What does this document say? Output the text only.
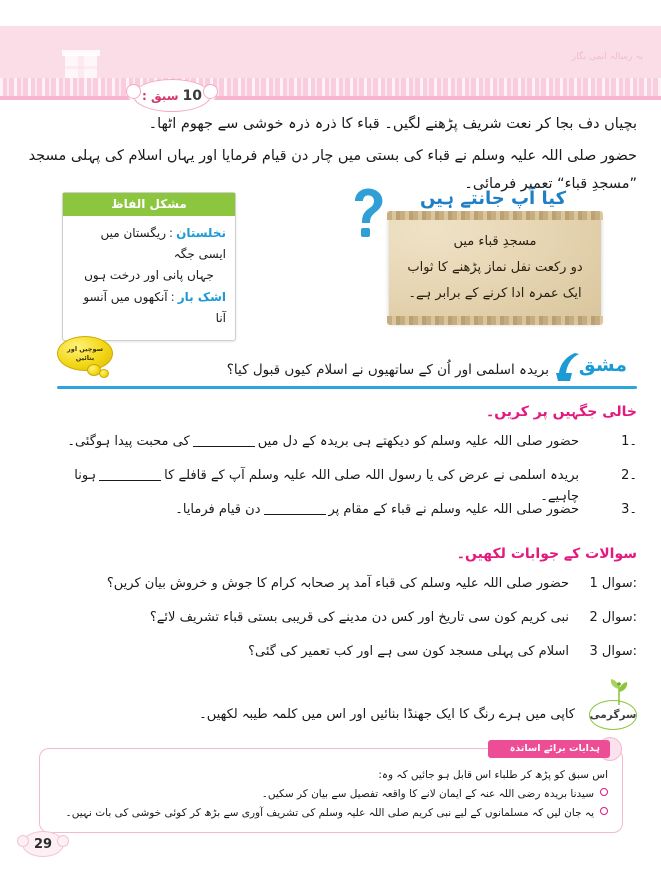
یہ رسالہ انمی نگار
10
سبق :
بچیاں دف بجا کر نعت شریف پڑھنے لگیں۔ قباء کا ذرہ ذرہ خوشی سے جھوم اٹھا۔
حضور صلی اللہ علیہ وسلم نے قباء کی بستی میں چار دن قیام فرمایا اور یہاں اسلام کی پہلی مسجد ”مسجدِ قباء“ تعمیر فرمائی۔
مشکل الفاظ
نخلستان:ریگستان میں ایسی جگہ
جہاں پانی اور درخت ہوں
اشک بار:آنکھوں میں آنسو آنا
کیا آپ جانتے ہیں
مسجدِ قباء میں
دو رکعت نفل نماز پڑھنے کا ثواب
ایک عمرہ ادا کرنے کے برابر ہے۔
مشق
بریدہ اسلمی اور اُن کے ساتھیوں نے اسلام کیوں قبول کیا؟
سوچیں اور
بتائیں
خالی جگہیں پر کریں۔
1۔
حضور صلی اللہ علیہ وسلم کو دیکھتے ہی بریدہ کے دل میںکی محبت پیدا ہوگئی۔
2۔
بریدہ اسلمی نے عرض کی یا رسول اللہ صلی اللہ علیہ وسلم آپ کے قافلے کاہونا چاہیے۔
3۔
حضور صلی اللہ علیہ وسلم نے قباء کے مقام پردن قیام فرمایا۔
سوالات کے جوابات لکھیں۔
سوال 1:
حضور صلی اللہ علیہ وسلم کی قباء آمد پر صحابہ کرام کا جوش و خروش بیان کریں؟
سوال 2:
نبی کریم کون سی تاریخ اور کس دن مدینے کی قریبی بستی قباء تشریف لائے؟
سوال 3:
اسلام کی پہلی مسجد کون سی ہے اور کب تعمیر کی گئی؟
سرگرمی
کاپی میں ہرے رنگ کا ایک جھنڈا بنائیں اور اس میں کلمہ طیبہ لکھیں۔
ہدایات برائے اساتذہ
اس سبق کو پڑھ کر طلباء اس قابل ہو جائیں کہ وہ:
سیدنا بریدہ رضی اللہ عنہ کے ایمان لانے کا واقعہ تفصیل سے بیان کر سکیں۔
یہ جان لیں کہ مسلمانوں کے لیے نبی کریم صلی اللہ علیہ وسلم کی تشریف آوری سے بڑھ کر کوئی خوشی کی بات نہیں۔
29
